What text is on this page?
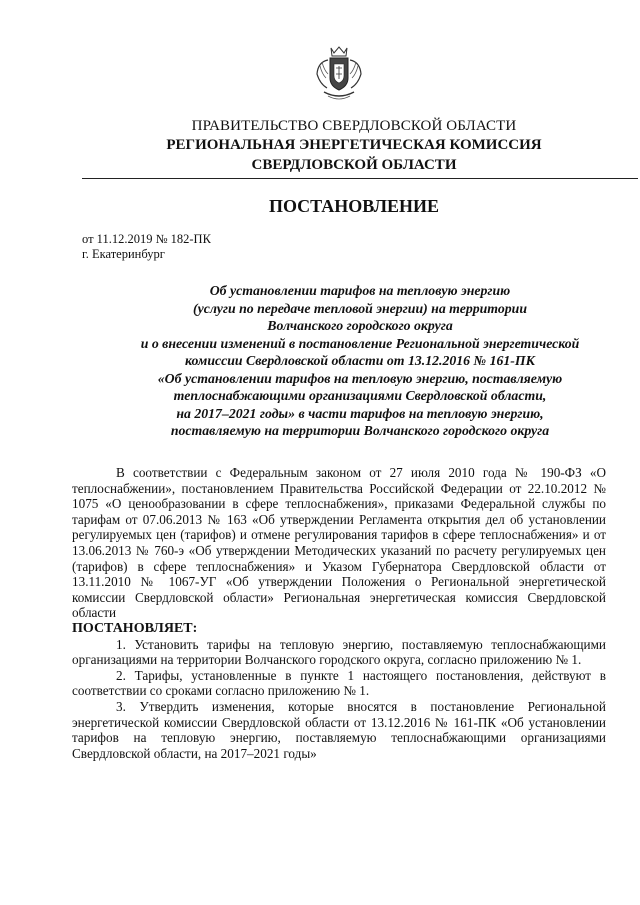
ПРАВИТЕЛЬСТВО СВЕРДЛОВСКОЙ ОБЛАСТИ
РЕГИОНАЛЬНАЯ ЭНЕРГЕТИЧЕСКАЯ КОМИССИЯ
СВЕРДЛОВСКОЙ ОБЛАСТИ
ПОСТАНОВЛЕНИЕ
от 11.12.2019 № 182-ПК
г. Екатеринбург
Об установлении тарифов на тепловую энергию
(услуги по передаче тепловой энергии) на территории
Волчанского городского округа
и о внесении изменений в постановление Региональной энергетической
комиссии Свердловской области от 13.12.2016 № 161-ПК
«Об установлении тарифов на тепловую энергию, поставляемую
теплоснабжающими организациями Свердловской области,
на 2017–2021 годы» в части тарифов на тепловую энергию,
поставляемую на территории Волчанского городского округа

В соответствии с Федеральным законом от 27 июля 2010 года № 190-ФЗ «О теплоснабжении», постановлением Правительства Российской Федерации от 22.10.2012 № 1075 «О ценообразовании в сфере теплоснабжения», приказами Федеральной службы по тарифам от 07.06.2013 № 163 «Об утверждении Регламента открытия дел об установлении регулируемых цен (тарифов) и отмене регулирования тарифов в сфере теплоснабжения» и от 13.06.2013 № 760-э «Об утверждении Методических указаний по расчету регулируемых цен (тарифов) в сфере теплоснабжения» и Указом Губернатора Свердловской области от 13.11.2010 № 1067-УГ «Об утверждении Положения о Региональной энергетической комиссии Свердловской области» Региональная энергетическая комиссия Свердловской области

ПОСТАНОВЛЯЕТ:

1. Установить тарифы на тепловую энергию, поставляемую теплоснабжающими организациями на территории Волчанского городского округа, согласно приложению № 1.

2. Тарифы, установленные в пункте 1 настоящего постановления, действуют в соответствии со сроками согласно приложению № 1.

3. Утвердить изменения, которые вносятся в постановление Региональной энергетической комиссии Свердловской области от 13.12.2016 № 161-ПК «Об установлении тарифов на тепловую энергию, поставляемую теплоснабжающими организациями Свердловской области, на 2017–2021 годы»
